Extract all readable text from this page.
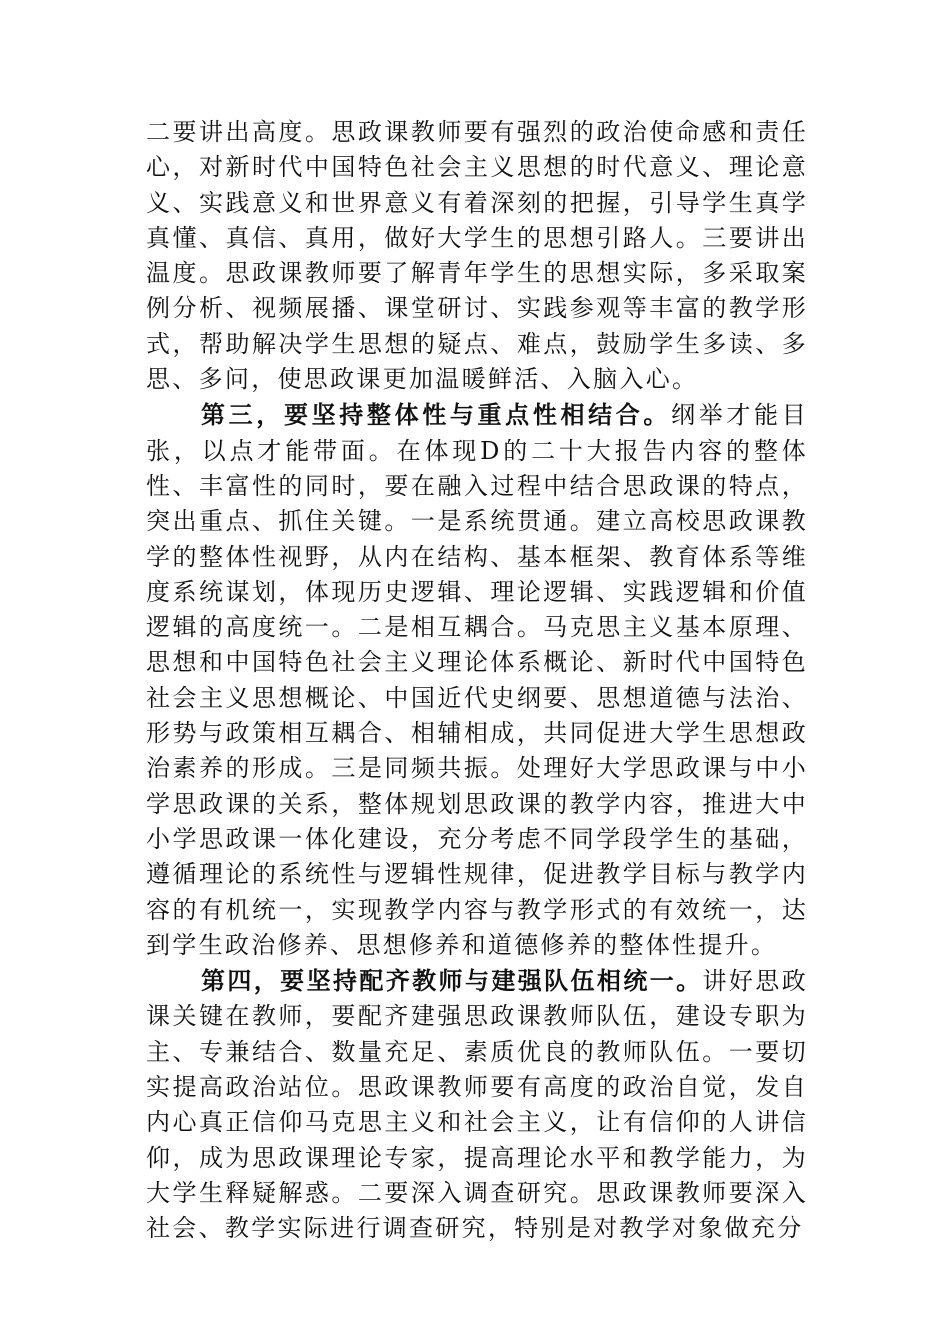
二要讲出高度。思政课教师要有强烈的政治使命感和责任心，对新时代中国特色社会主义思想的时代意义、理论意义、实践意义和世界意义有着深刻的把握，引导学生真学真懂、真信、真用，做好大学生的思想引路人。三要讲出温度。思政课教师要了解青年学生的思想实际，多采取案例分析、视频展播、课堂研讨、实践参观等丰富的教学形式，帮助解决学生思想的疑点、难点，鼓励学生多读、多思、多问，使思政课更加温暖鲜活、入脑入心。

第三，要坚持整体性与重点性相结合。纲举才能目张，以点才能带面。在体现D的二十大报告内容的整体性、丰富性的同时，要在融入过程中结合思政课的特点，突出重点、抓住关键。一是系统贯通。建立高校思政课教学的整体性视野，从内在结构、基本框架、教育体系等维度系统谋划，体现历史逻辑、理论逻辑、实践逻辑和价值逻辑的高度统一。二是相互耦合。马克思主义基本原理、思想和中国特色社会主义理论体系概论、新时代中国特色社会主义思想概论、中国近代史纲要、思想道德与法治、形势与政策相互耦合、相辅相成，共同促进大学生思想政治素养的形成。三是同频共振。处理好大学思政课与中小学思政课的关系，整体规划思政课的教学内容，推进大中小学思政课一体化建设，充分考虑不同学段学生的基础，遵循理论的系统性与逻辑性规律，促进教学目标与教学内容的有机统一，实现教学内容与教学形式的有效统一，达到学生政治修养、思想修养和道德修养的整体性提升。

第四，要坚持配齐教师与建强队伍相统一。讲好思政课关键在教师，要配齐建强思政课教师队伍，建设专职为主、专兼结合、数量充足、素质优良的教师队伍。一要切实提高政治站位。思政课教师要有高度的政治自觉，发自内心真正信仰马克思主义和社会主义，让有信仰的人讲信仰，成为思政课理论专家，提高理论水平和教学能力，为大学生释疑解惑。二要深入调查研究。思政课教师要深入社会、教学实际进行调查研究，特别是对教学对象做充分
